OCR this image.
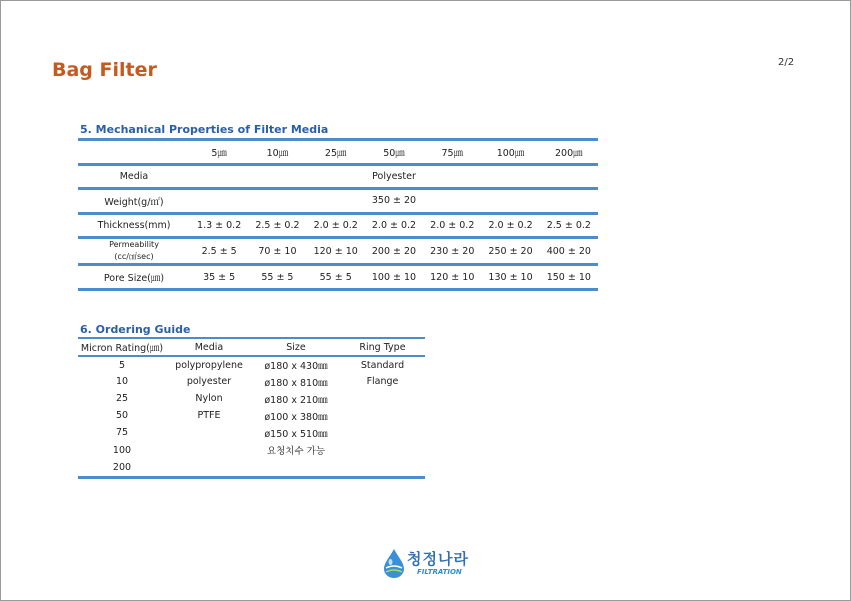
Bag Filter	2/2
5. Mechanical Properties of Filter Media
	5㎛	10㎛	25㎛	50㎛	75㎛	100㎛	200㎛
Media	Polyester						
Weight(g/㎡)	350 ± 20						
Thickness(mm)	1.3 ± 0.2	2.5 ± 0.2	2.0 ± 0.2	2.0 ± 0.2	2.0 ± 0.2	2.0 ± 0.2	2.5 ± 0.2

Permeability
(cc/㎠sec)	2.5 ± 5	70 ± 10	120 ± 10	200 ± 20	230 ± 20	250 ± 20	400 ± 20
Pore Size(㎛)	35 ± 5	55 ± 5	55 ± 5	100 ± 10	120 ± 10	130 ± 10	150 ± 10
6. Ordering Guide
Micron Rating(㎛)	Media	Size	Ring Type
5	polypropylene	ø180 x 430㎜	Standard
10	polyester	ø180 x 810㎜	Flange
25	Nylon	ø180 x 210㎜	
50	PTFE	ø100 x 380㎜	
75		ø150 x 510㎜	
100		요청치수 가능	
200			
청정나라
FILTRATION
